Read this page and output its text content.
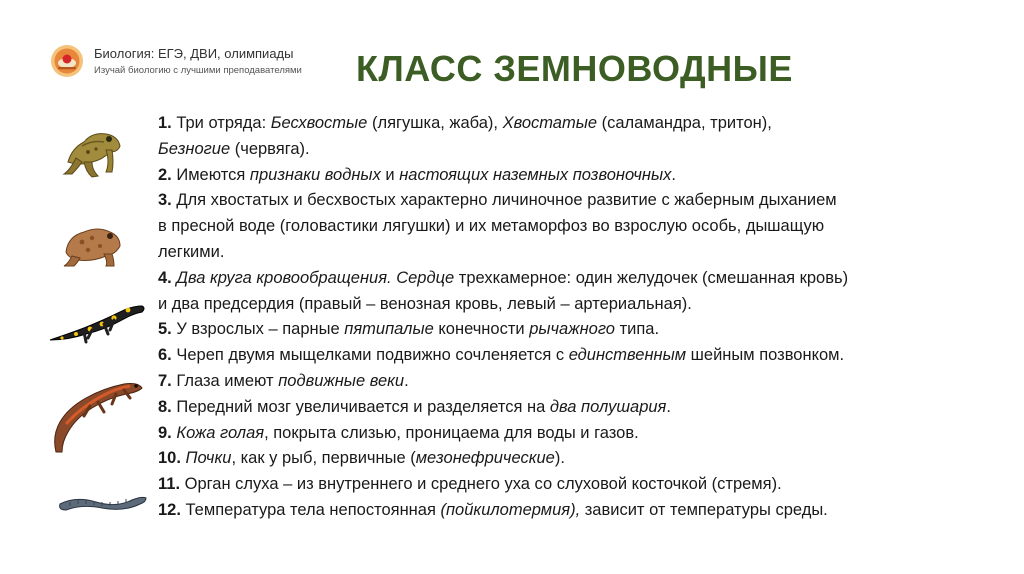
Биология: ЕГЭ, ДВИ, олимпиады
Изучай биологию с лучшими преподавателями КЛАСС ЗЕМНОВОДНЫЕ
1. Три отряда: Бесхвостые (лягушка, жаба), Хвостатые (саламандра, тритон),
Безногие (червяга).
2. Имеются признаки водных и настоящих наземных позвоночных.
3. Для хвостатых и бесхвостых характерно личиночное развитие с жаберным дыханием
в пресной воде (головастики лягушки) и их метаморфоз во взрослую особь, дышащую
легкими.
4. Два круга кровообращения. Сердце трехкамерное: один желудочек (смешанная кровь)
и два предсердия (правый – венозная кровь, левый – артериальная).
5. У взрослых – парные пятипалые конечности рычажного типа.
6. Череп двумя мыщелками подвижно сочленяется с единственным шейным позвонком.
7. Глаза имеют подвижные веки.
8. Передний мозг увеличивается и разделяется на два полушария.
9. Кожа голая, покрыта слизью, проницаема для воды и газов.
10. Почки, как у рыб, первичные (мезонефрические).
11. Орган слуха – из внутреннего и среднего уха со слуховой косточкой (стремя).
12. Температура тела непостоянная (пойкилотермия), зависит от температуры среды.
